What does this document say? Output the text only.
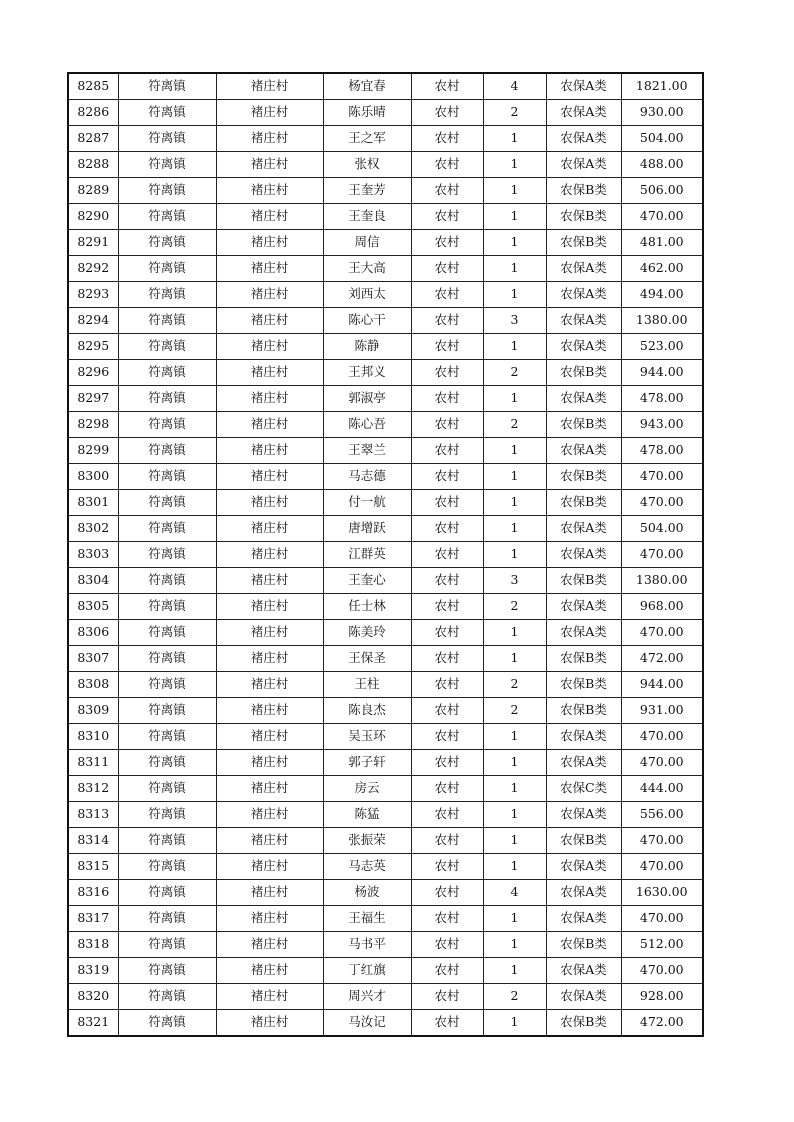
8285	符离镇	褚庄村	杨宜春	农村	4	农保A类	1821.00
8286	符离镇	褚庄村	陈乐晴	农村	2	农保A类	930.00
8287	符离镇	褚庄村	王之军	农村	1	农保A类	504.00
8288	符离镇	褚庄村	张权	农村	1	农保A类	488.00
8289	符离镇	褚庄村	王奎芳	农村	1	农保B类	506.00
8290	符离镇	褚庄村	王奎良	农村	1	农保B类	470.00
8291	符离镇	褚庄村	周信	农村	1	农保B类	481.00
8292	符离镇	褚庄村	王大高	农村	1	农保A类	462.00
8293	符离镇	褚庄村	刘西太	农村	1	农保A类	494.00
8294	符离镇	褚庄村	陈心干	农村	3	农保A类	1380.00
8295	符离镇	褚庄村	陈静	农村	1	农保A类	523.00
8296	符离镇	褚庄村	王邦义	农村	2	农保B类	944.00
8297	符离镇	褚庄村	郭淑亭	农村	1	农保A类	478.00
8298	符离镇	褚庄村	陈心吾	农村	2	农保B类	943.00
8299	符离镇	褚庄村	王翠兰	农村	1	农保A类	478.00
8300	符离镇	褚庄村	马志德	农村	1	农保B类	470.00
8301	符离镇	褚庄村	付一航	农村	1	农保B类	470.00
8302	符离镇	褚庄村	唐增跃	农村	1	农保A类	504.00
8303	符离镇	褚庄村	江群英	农村	1	农保A类	470.00
8304	符离镇	褚庄村	王奎心	农村	3	农保B类	1380.00
8305	符离镇	褚庄村	任士林	农村	2	农保A类	968.00
8306	符离镇	褚庄村	陈美玲	农村	1	农保A类	470.00
8307	符离镇	褚庄村	王保圣	农村	1	农保B类	472.00
8308	符离镇	褚庄村	王柱	农村	2	农保B类	944.00
8309	符离镇	褚庄村	陈良杰	农村	2	农保B类	931.00
8310	符离镇	褚庄村	吴玉环	农村	1	农保A类	470.00
8311	符离镇	褚庄村	郭子轩	农村	1	农保A类	470.00
8312	符离镇	褚庄村	房云	农村	1	农保C类	444.00
8313	符离镇	褚庄村	陈猛	农村	1	农保A类	556.00
8314	符离镇	褚庄村	张振荣	农村	1	农保B类	470.00
8315	符离镇	褚庄村	马志英	农村	1	农保A类	470.00
8316	符离镇	褚庄村	杨波	农村	4	农保A类	1630.00
8317	符离镇	褚庄村	王福生	农村	1	农保A类	470.00
8318	符离镇	褚庄村	马书平	农村	1	农保B类	512.00
8319	符离镇	褚庄村	丁红旗	农村	1	农保A类	470.00
8320	符离镇	褚庄村	周兴才	农村	2	农保A类	928.00
8321	符离镇	褚庄村	马汝记	农村	1	农保B类	472.00
